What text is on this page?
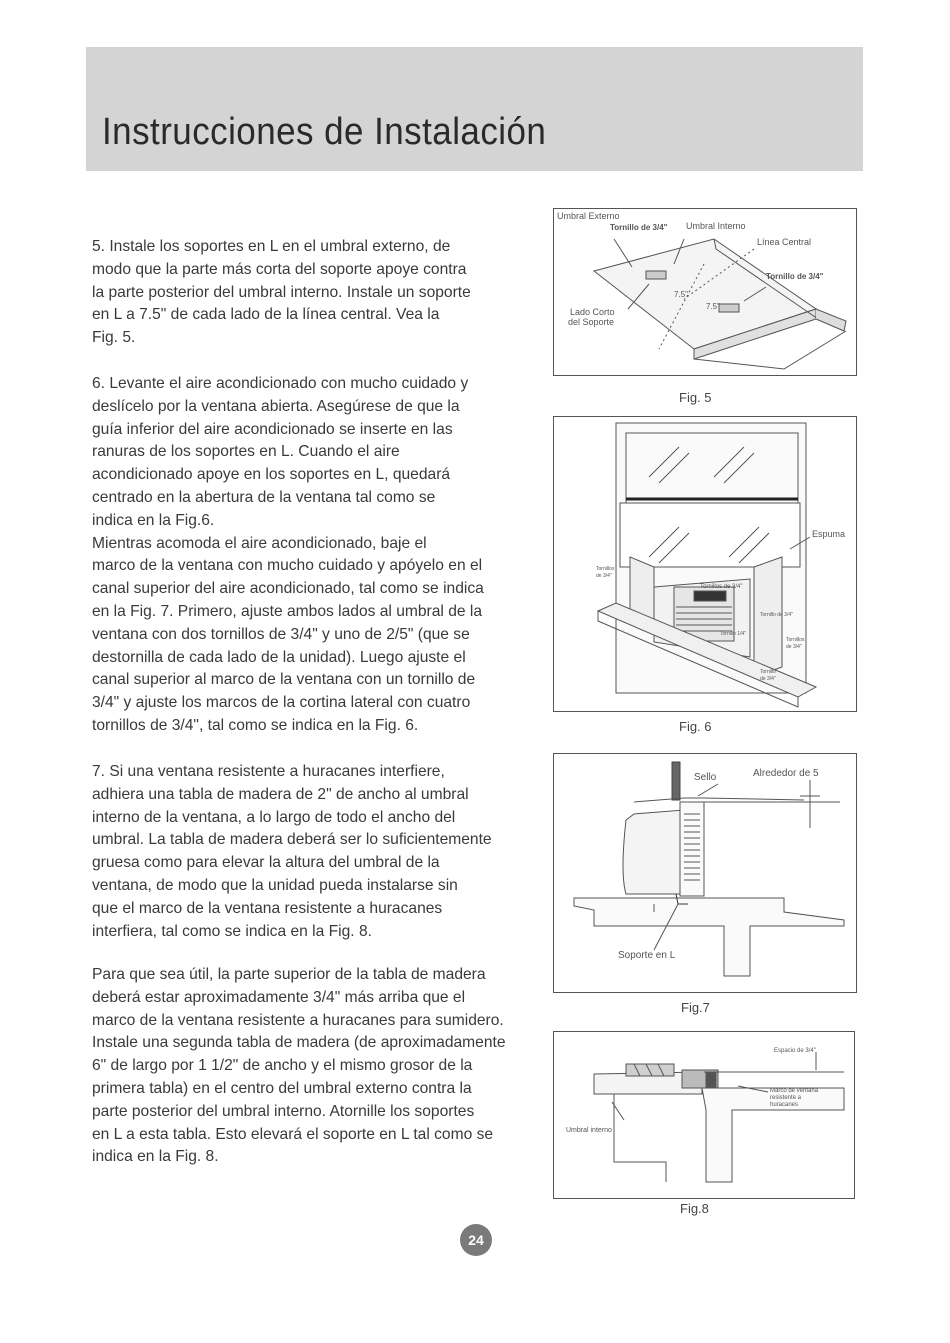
Instrucciones de Instalación

5. Instale los soportes en L en el umbral externo, de
modo que la parte más corta del soporte apoye contra
la parte posterior del umbral interno. Instale un soporte
en L a 7.5" de cada lado de la línea central. Vea la
Fig. 5.

6. Levante el aire acondicionado con mucho cuidado y
deslícelo por la ventana abierta. Asegúrese de que la
guía inferior del aire acondicionado se inserte en las
ranuras de los soportes en L. Cuando el aire
acondicionado apoye en los soportes en L, quedará
centrado en la abertura de la ventana tal como se
indica en la Fig.6.
Mientras acomoda el aire acondicionado, baje el
marco de la ventana con mucho cuidado y apóyelo en el
canal superior del aire acondicionado, tal como se indica
en la Fig. 7. Primero, ajuste ambos lados al umbral de la
ventana con dos tornillos de 3/4" y uno de 2/5" (que se
destornilla de cada lado de la unidad). Luego ajuste el
canal superior al marco de la ventana con un tornillo de
3/4" y ajuste los marcos de la cortina lateral con cuatro
tornillos de 3/4", tal como se indica en la Fig. 6.

7. Si una ventana resistente a huracanes interfiere,
adhiera una tabla de madera de 2" de ancho al umbral
interno de la ventana, a lo largo de todo el ancho del
umbral. La tabla de madera deberá ser lo suficientemente
gruesa como para elevar la altura del umbral de la
ventana, de modo que la unidad pueda instalarse sin
que el marco de la ventana resistente a huracanes
interfiera, tal como se indica en la Fig. 8.

Para que sea útil, la parte superior de la tabla de madera
deberá estar aproximadamente 3/4" más arriba que el
marco de la ventana resistente a huracanes para sumidero.
Instale una segunda tabla de madera (de aproximadamente
6" de largo por 1 1/2" de ancho y el mismo grosor de la
primera tabla) en el centro del umbral externo contra la
parte posterior del umbral interno. Atornille los soportes
en L a esta tabla. Esto elevará el soporte en L tal como se
indica en la Fig. 8.

Umbral Externo
Tornillo de 3/4" Umbral Interno
Línea Central
Tornillo de 3/4"
Lado Corto
del Soporte
7.5"
7.5"
Fig. 5
Espuma
Tornillos
de 3/4"
Tornillos de 3/4"
Tornillo de 3/4"
Tornillo 1/4"
Tornillos
de 3/4"
Tornillo
de 3/4"
Fig. 6
Sello	Alrededor de 5
Soporte en L
Fig.7
Espacio de 3/4"
Umbral interno
Marco de ventana
resistente a
huracanes
Fig.8
24
